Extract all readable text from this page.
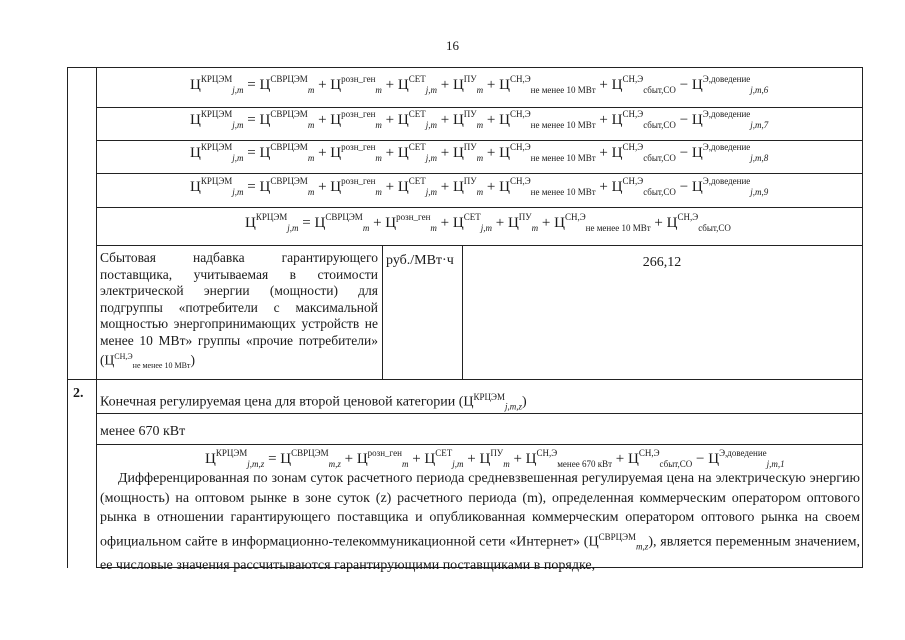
16
$Ц^{КРЦЭМ}_{j,m} = Ц^{СВРЦЭМ}_m + Ц^{розн\_ген}_m + Ц^{СЕТ}_{j,m} + Ц^{ПУ}_m + Ц^{СН,Э}_{не менее 10 МВт} + Ц^{СН,Э}_{сбыт,СО} - Ц^{Э,доведение}_{j,m,6}$
$Ц^{КРЦЭМ}_{j,m} = Ц^{СВРЦЭМ}_m + Ц^{розн\_ген}_m + Ц^{СЕТ}_{j,m} + Ц^{ПУ}_m + Ц^{СН,Э}_{не менее 10 МВт} + Ц^{СН,Э}_{сбыт,СО} - Ц^{Э,доведение}_{j,m,7}$
$Ц^{КРЦЭМ}_{j,m} = Ц^{СВРЦЭМ}_m + Ц^{розн\_ген}_m + Ц^{СЕТ}_{j,m} + Ц^{ПУ}_m + Ц^{СН,Э}_{не менее 10 МВт} + Ц^{СН,Э}_{сбыт,СО} - Ц^{Э,доведение}_{j,m,8}$
$Ц^{КРЦЭМ}_{j,m} = Ц^{СВРЦЭМ}_m + Ц^{розн\_ген}_m + Ц^{СЕТ}_{j,m} + Ц^{ПУ}_m + Ц^{СН,Э}_{не менее 10 МВт} + Ц^{СН,Э}_{сбыт,СО} - Ц^{Э,доведение}_{j,m,9}$
$Ц^{КРЦЭМ}_{j,m} = Ц^{СВРЦЭМ}_m + Ц^{розн\_ген}_m + Ц^{СЕТ}_{j,m} + Ц^{ПУ}_m + Ц^{СН,Э}_{не менее 10 МВт} + Ц^{СН,Э}_{сбыт,СО}$
Сбытовая надбавка гарантирующего поставщика, учитываемая в стоимости электрической энергии (мощности) для подгруппы «потребители с максимальной мощностью энергопринимающих устройств не менее 10 МВт» группы «прочие потребители» $(Ц^{СН,Э}_{не менее 10 МВт})$
руб./МВт·ч	266,12
2.
Конечная регулируемая цена для второй ценовой категории $(Ц^{КРЦЭМ}_{j,m,z})$
менее 670 кВт
$Ц^{КРЦЭМ}_{j,m,z} = Ц^{СВРЦЭМ}_{m,z} + Ц^{розн\_ген}_m + Ц^{СЕТ}_{j,m} + Ц^{ПУ}_m + Ц^{СН,Э}_{менее 670 кВт} + Ц^{СН,Э}_{сбыт,СО} - Ц^{Э,доведение}_{j,m,1}$
Дифференцированная по зонам суток расчетного периода средневзвешенная регулируемая цена на электрическую энергию (мощность) на оптовом рынке в зоне суток (z) расчетного периода (m), определенная коммерческим оператором оптового рынка в отношении гарантирующего поставщика и опубликованная коммерческим оператором оптового рынка на своем официальном сайте в информационно-телекоммуникационной сети «Интернет» $(Ц^{СВРЦЭМ}_{m,z})$, является переменным значением, ее числовые значения рассчитываются гарантирующими поставщиками в порядке,
